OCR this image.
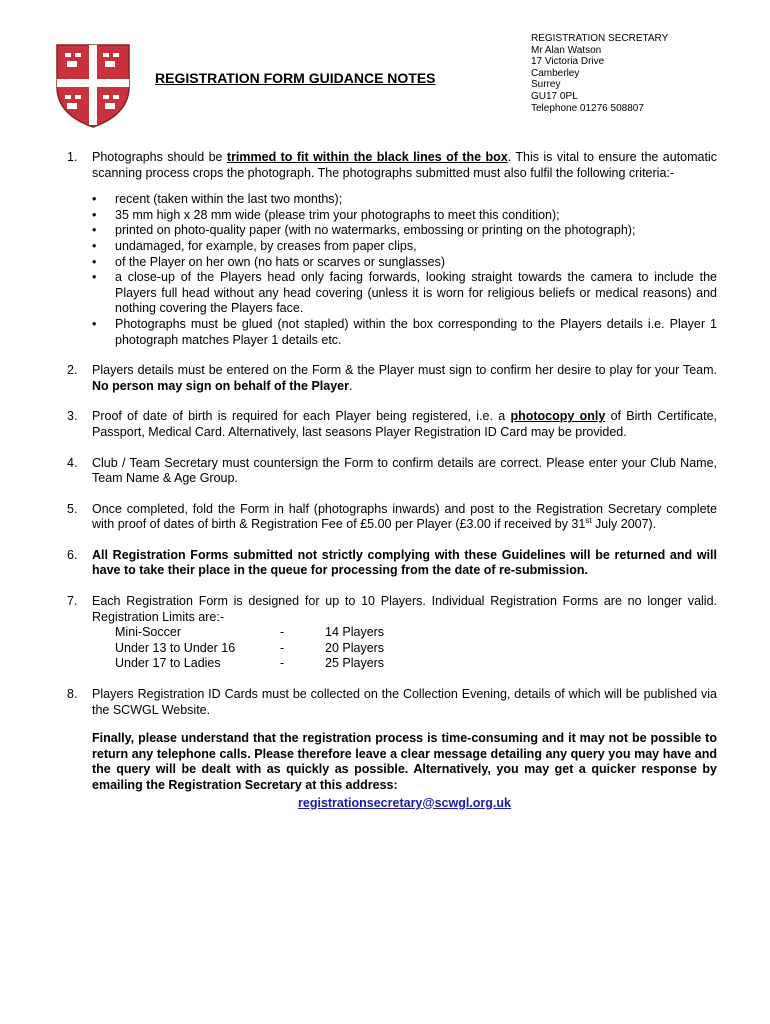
REGISTRATION FORM GUIDANCE NOTES
REGISTRATION SECRETARY
Mr Alan Watson
17 Victoria Drive
Camberley
Surrey
GU17 0PL
Telephone 01276 508807
1. Photographs should be trimmed to fit within the black lines of the box. This is vital to ensure the automatic scanning process crops the photograph. The photographs submitted must also fulfil the following criteria:-
• recent (taken within the last two months);
• 35 mm high x 28 mm wide (please trim your photographs to meet this condition);
• printed on photo-quality paper (with no watermarks, embossing or printing on the photograph);
• undamaged, for example, by creases from paper clips,
• of the Player on her own (no hats or scarves or sunglasses)
• a close-up of the Players head only facing forwards, looking straight towards the camera to include the Players full head without any head covering (unless it is worn for religious beliefs or medical reasons) and nothing covering the Players face.
• Photographs must be glued (not stapled) within the box corresponding to the Players details i.e. Player 1 photograph matches Player 1 details etc.
2. Players details must be entered on the Form & the Player must sign to confirm her desire to play for your Team. No person may sign on behalf of the Player.
3. Proof of date of birth is required for each Player being registered, i.e. a photocopy only of Birth Certificate, Passport, Medical Card. Alternatively, last seasons Player Registration ID Card may be provided.
4. Club / Team Secretary must countersign the Form to confirm details are correct. Please enter your Club Name, Team Name & Age Group.
5. Once completed, fold the Form in half (photographs inwards) and post to the Registration Secretary complete with proof of dates of birth & Registration Fee of £5.00 per Player (£3.00 if received by 31st July 2007).
6. All Registration Forms submitted not strictly complying with these Guidelines will be returned and will have to take their place in the queue for processing from the date of re-submission.
7. Each Registration Form is designed for up to 10 Players. Individual Registration Forms are no longer valid. Registration Limits are:-
Mini-Soccer	-	14 Players
Under 13 to Under 16	-	20 Players
Under 17 to Ladies	-	25 Players
8. Players Registration ID Cards must be collected on the Collection Evening, details of which will be published via the SCWGL Website.
Finally, please understand that the registration process is time-consuming and it may not be possible to return any telephone calls. Please therefore leave a clear message detailing any query you may have and the query will be dealt with as quickly as possible. Alternatively, you may get a quicker response by emailing the Registration Secretary at this address:
registrationsecretary@scwgl.org.uk
